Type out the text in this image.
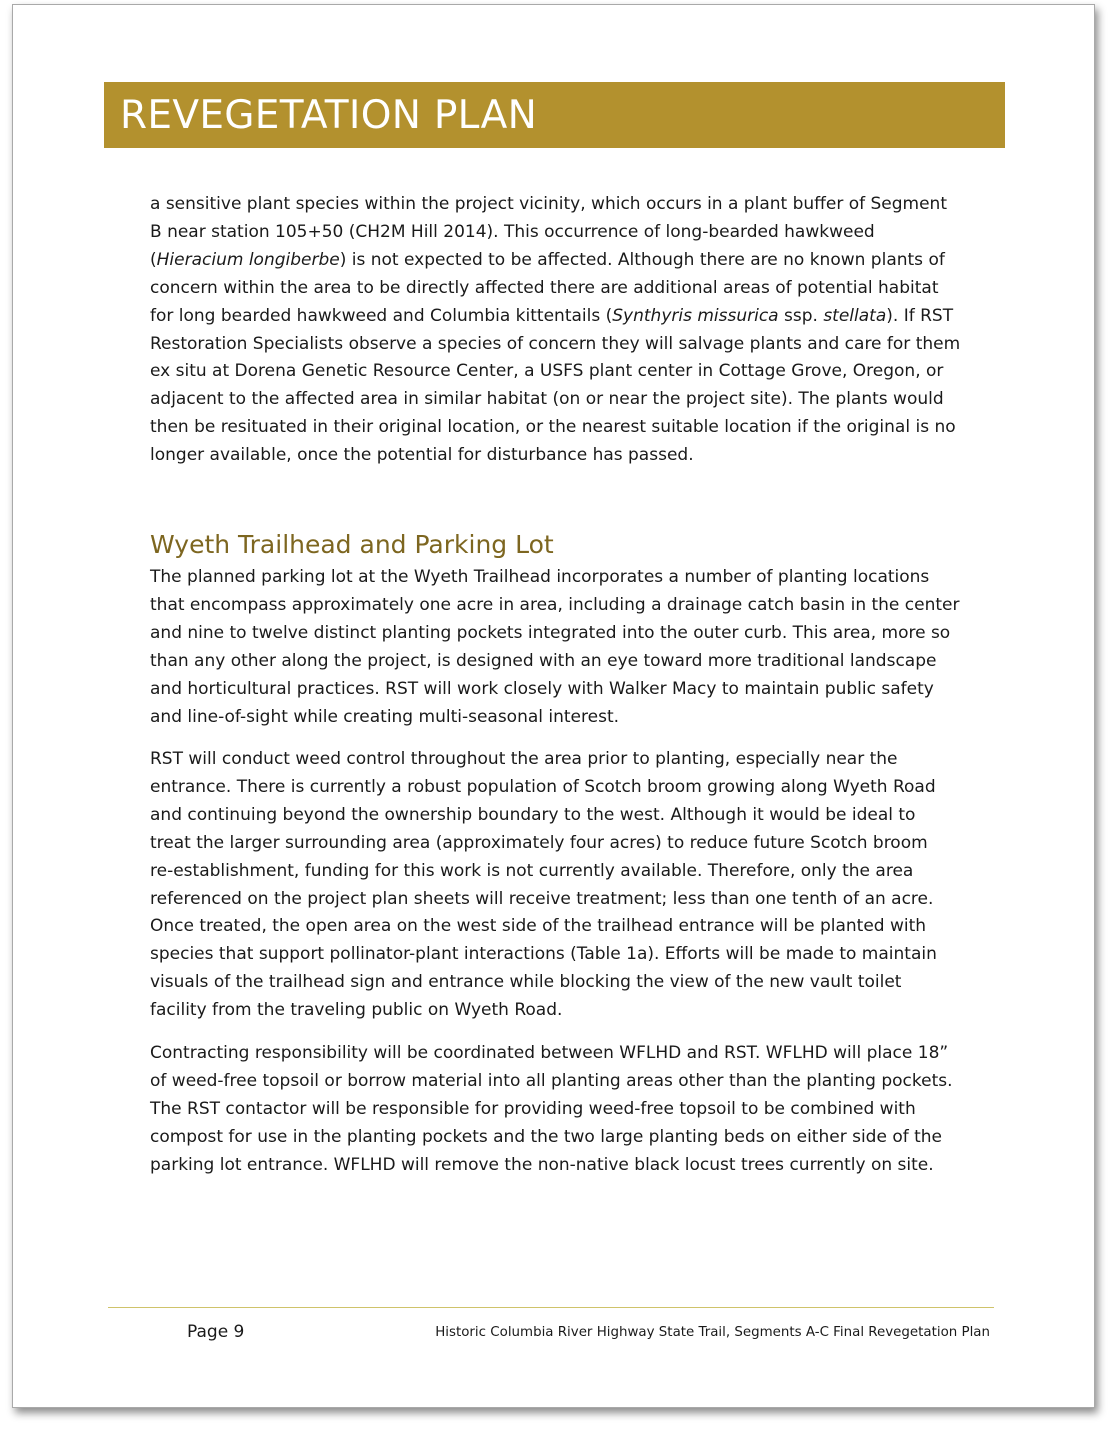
REVEGETATION PLAN

a sensitive plant species within the project vicinity, which occurs in a plant buffer of Segment
B near station 105+50 (CH2M Hill 2014). This occurrence of long-bearded hawkweed
(Hieracium longiberbe) is not expected to be affected. Although there are no known plants of
concern within the area to be directly affected there are additional areas of potential habitat
for long bearded hawkweed and Columbia kittentails (Synthyris missurica ssp. stellata). If RST
Restoration Specialists observe a species of concern they will salvage plants and care for them
ex situ at Dorena Genetic Resource Center, a USFS plant center in Cottage Grove, Oregon, or
adjacent to the affected area in similar habitat (on or near the project site). The plants would
then be resituated in their original location, or the nearest suitable location if the original is no
longer available, once the potential for disturbance has passed.

Wyeth Trailhead and Parking Lot

The planned parking lot at the Wyeth Trailhead incorporates a number of planting locations
that encompass approximately one acre in area, including a drainage catch basin in the center
and nine to twelve distinct planting pockets integrated into the outer curb. This area, more so
than any other along the project, is designed with an eye toward more traditional landscape
and horticultural practices. RST will work closely with Walker Macy to maintain public safety
and line-of-sight while creating multi-seasonal interest.

RST will conduct weed control throughout the area prior to planting, especially near the
entrance. There is currently a robust population of Scotch broom growing along Wyeth Road
and continuing beyond the ownership boundary to the west. Although it would be ideal to
treat the larger surrounding area (approximately four acres) to reduce future Scotch broom
re-establishment, funding for this work is not currently available. Therefore, only the area
referenced on the project plan sheets will receive treatment; less than one tenth of an acre.
Once treated, the open area on the west side of the trailhead entrance will be planted with
species that support pollinator-plant interactions (Table 1a). Efforts will be made to maintain
visuals of the trailhead sign and entrance while blocking the view of the new vault toilet
facility from the traveling public on Wyeth Road.

Contracting responsibility will be coordinated between WFLHD and RST. WFLHD will place 18”
of weed-free topsoil or borrow material into all planting areas other than the planting pockets.
The RST contactor will be responsible for providing weed-free topsoil to be combined with
compost for use in the planting pockets and the two large planting beds on either side of the
parking lot entrance. WFLHD will remove the non-native black locust trees currently on site.

Page 9	Historic Columbia River Highway State Trail, Segments A-C Final Revegetation Plan
